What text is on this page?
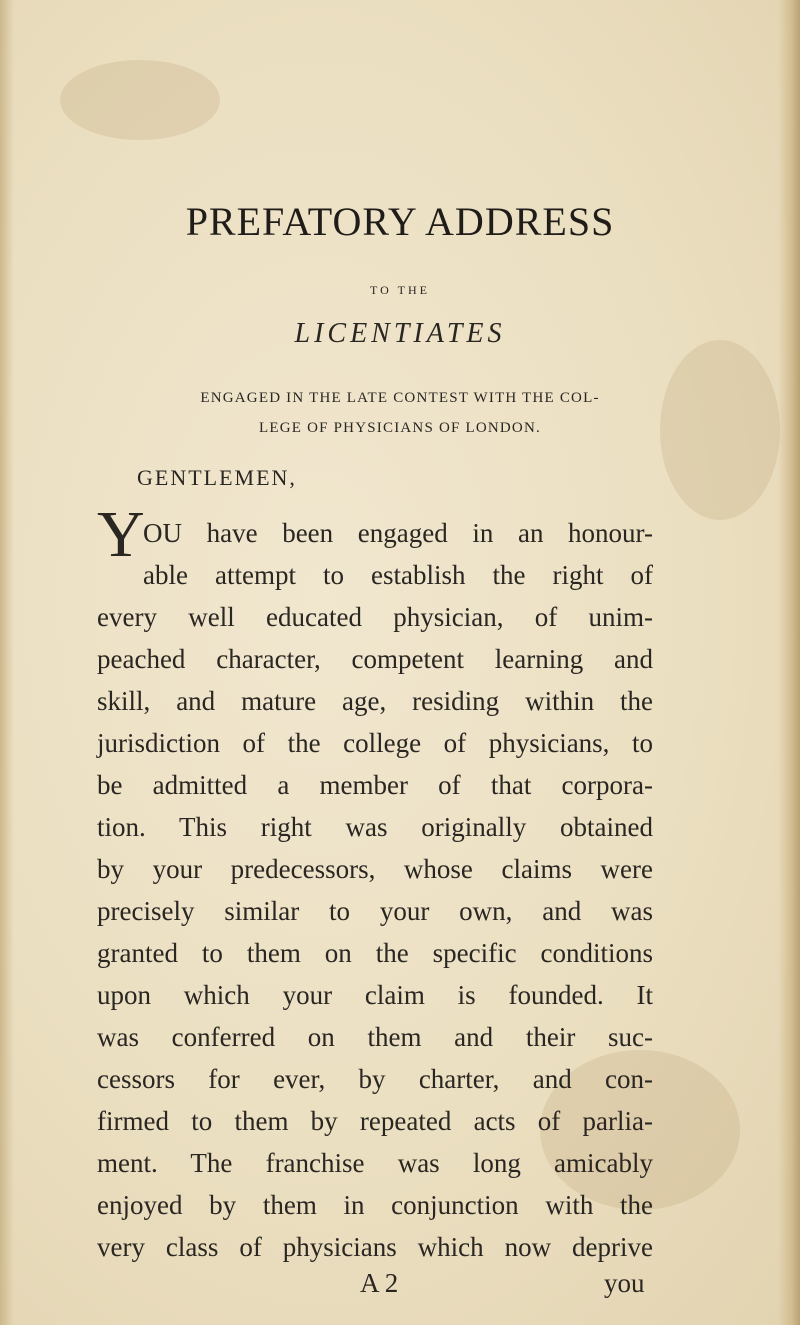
PREFATORY ADDRESS
TO THE
LICENTIATES
ENGAGED IN THE LATE CONTEST WITH THE COL-
LEGE OF PHYSICIANS OF LONDON.
GENTLEMEN,
Y
OU have been engaged in an honour-
able attempt to establish the right of
every well educated physician, of unim-
peached character, competent learning and
skill, and mature age, residing within the
jurisdiction of the college of physicians, to
be admitted a member of that corpora-
tion. This right was originally obtained
by your predecessors, whose claims were
precisely similar to your own, and was
granted to them on the specific conditions
upon which your claim is founded. It
was conferred on them and their suc-
cessors for ever, by charter, and con-
firmed to them by repeated acts of parlia-
ment. The franchise was long amicably
enjoyed by them in conjunction with the
very class of physicians which now deprive
A 2	you
